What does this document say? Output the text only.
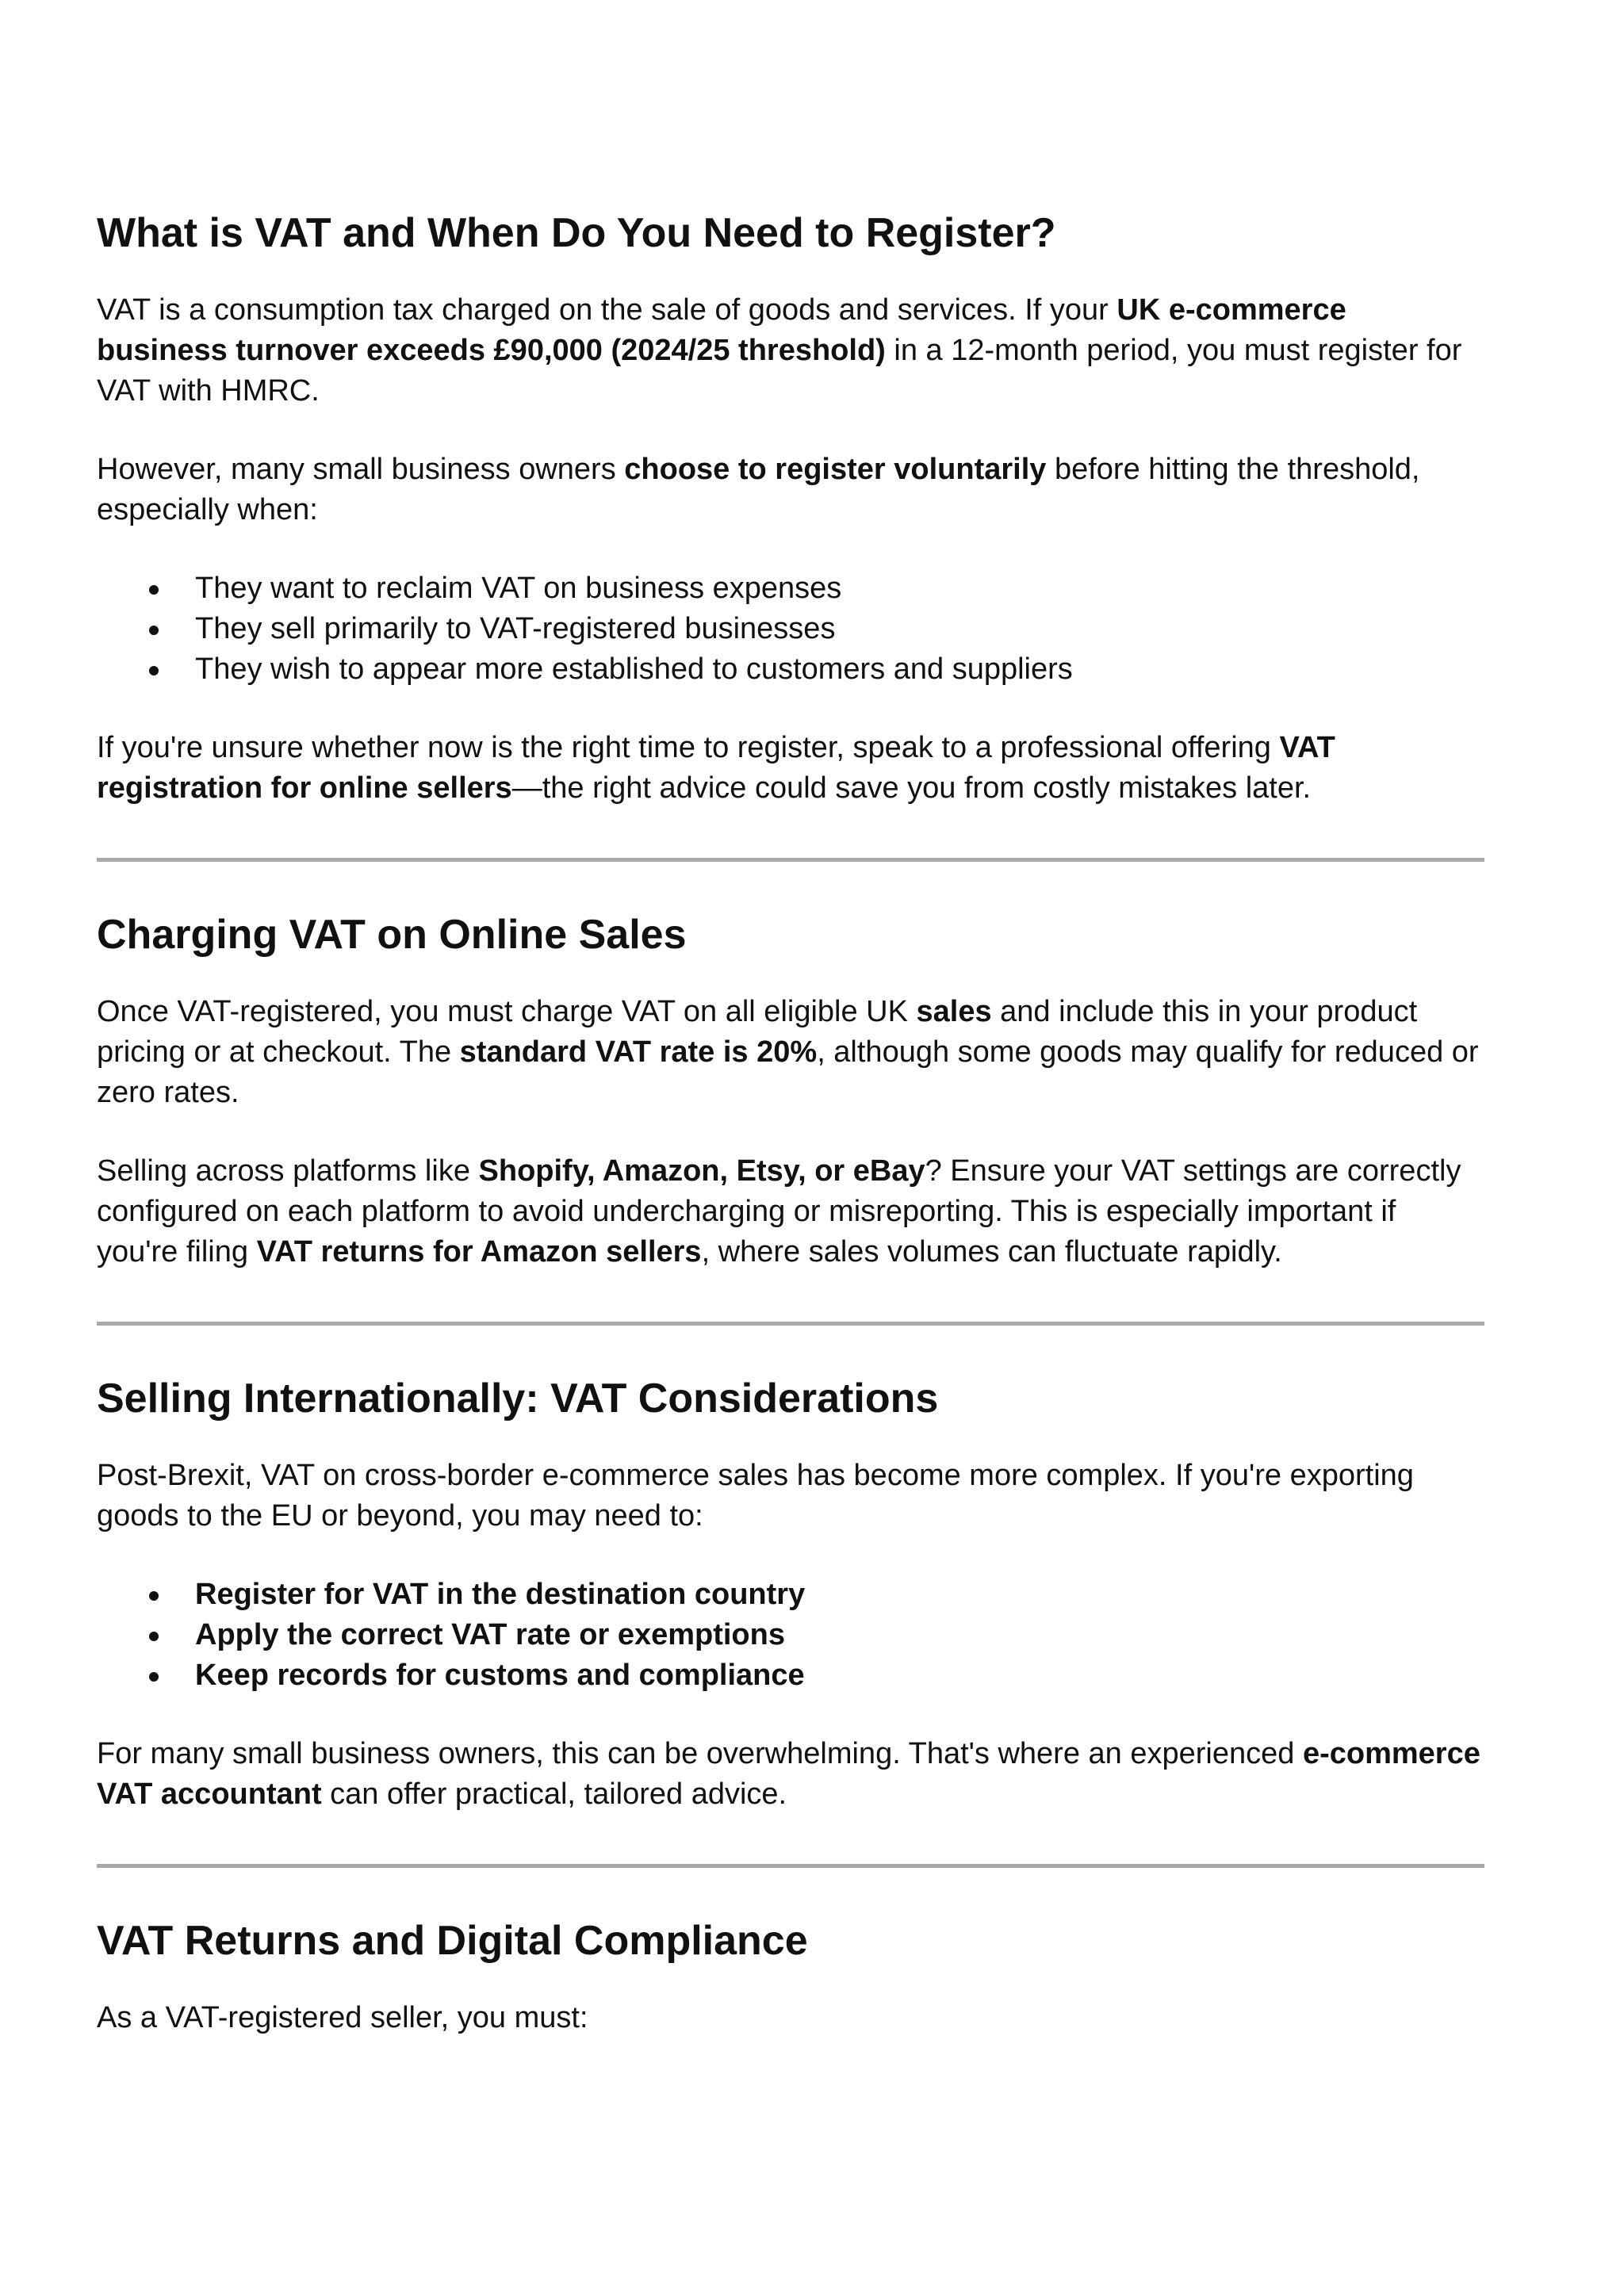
What is VAT and When Do You Need to Register?

VAT is a consumption tax charged on the sale of goods and services. If your UK e-commerce business turnover exceeds £90,000 (2024/25 threshold) in a 12-month period, you must register for VAT with HMRC.

However, many small business owners choose to register voluntarily before hitting the threshold, especially when:

They want to reclaim VAT on business expenses
They sell primarily to VAT-registered businesses
They wish to appear more established to customers and suppliers

If you're unsure whether now is the right time to register, speak to a professional offering VAT registration for online sellers—the right advice could save you from costly mistakes later.

Charging VAT on Online Sales

Once VAT-registered, you must charge VAT on all eligible UK sales and include this in your product pricing or at checkout. The standard VAT rate is 20%, although some goods may qualify for reduced or zero rates.

Selling across platforms like Shopify, Amazon, Etsy, or eBay? Ensure your VAT settings are correctly configured on each platform to avoid undercharging or misreporting. This is especially important if you're filing VAT returns for Amazon sellers, where sales volumes can fluctuate rapidly.

Selling Internationally: VAT Considerations

Post-Brexit, VAT on cross-border e-commerce sales has become more complex. If you're exporting goods to the EU or beyond, you may need to:

Register for VAT in the destination country
Apply the correct VAT rate or exemptions
Keep records for customs and compliance

For many small business owners, this can be overwhelming. That's where an experienced e-commerce VAT accountant can offer practical, tailored advice.

VAT Returns and Digital Compliance

As a VAT-registered seller, you must:
